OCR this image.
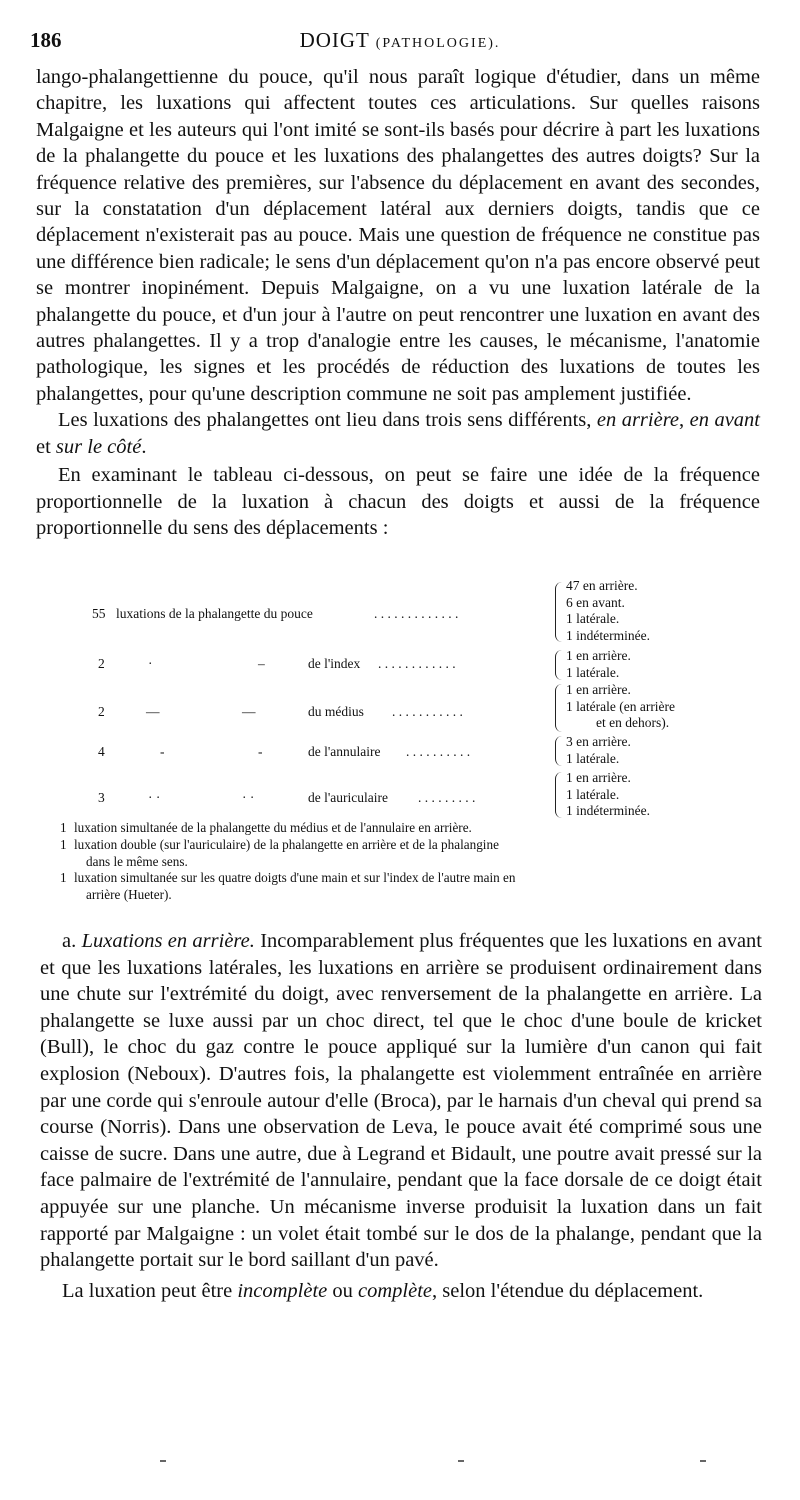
186	DOIGT (PATHOLOGIE).

lango-phalangettienne du pouce, qu'il nous paraît logique d'étudier, dans un même chapitre, les luxations qui affectent toutes ces articulations. Sur quelles raisons Malgaigne et les auteurs qui l'ont imité se sont-ils basés pour décrire à part les luxations de la phalangette du pouce et les luxations des phalangettes des autres doigts? Sur la fréquence relative des premières, sur l'absence du déplacement en avant des secondes, sur la constatation d'un déplacement latéral aux derniers doigts, tandis que ce déplacement n'existerait pas au pouce. Mais une question de fréquence ne constitue pas une différence bien radicale; le sens d'un déplacement qu'on n'a pas encore observé peut se montrer inopinément. Depuis Malgaigne, on a vu une luxation latérale de la phalangette du pouce, et d'un jour à l'autre on peut rencontrer une luxation en avant des autres phalangettes. Il y a trop d'analogie entre les causes, le mécanisme, l'anatomie pathologique, les signes et les procédés de réduction des luxations de toutes les phalangettes, pour qu'une description commune ne soit pas amplement justifiée.

Les luxations des phalangettes ont lieu dans trois sens différents, en arrière, en avant et sur le côté.

En examinant le tableau ci-dessous, on peut se faire une idée de la fréquence proportionnelle de la luxation à chacun des doigts et aussi de la fréquence proportionnelle du sens des déplacements :

55 luxations de la phalangette du pouce	. . . . . . . . . . . . .
47 en arrière.
6 en avant.
1 latérale.
1 indéterminée.
2	·	–	de l'index . . . . . . . . . . . .
1 en arrière.
1 latérale.
2	—	—	du médius . . . . . . . . . . .
1 en arrière.
1 latérale (en arrière
et en dehors).
4	-	-	de l'annulaire . . . . . . . . . .
3 en arrière.
1 latérale.
3	· ·	· ·	de l'auriculaire . . . . . . . . .
1 en arrière.
1 latérale.
1 indéterminée.
1 luxation simultanée de la phalangette du médius et de l'annulaire en arrière.
1 luxation double (sur l'auriculaire) de la phalangette en arrière et de la phalangine
dans le même sens.
1 luxation simultanée sur les quatre doigts d'une main et sur l'index de l'autre main en
arrière (Hueter).

a. Luxations en arrière. Incomparablement plus fréquentes que les luxations en avant et que les luxations latérales, les luxations en arrière se produisent ordinairement dans une chute sur l'extrémité du doigt, avec renversement de la phalangette en arrière. La phalangette se luxe aussi par un choc direct, tel que le choc d'une boule de kricket (Bull), le choc du gaz contre le pouce appliqué sur la lumière d'un canon qui fait explosion (Neboux). D'autres fois, la phalangette est violemment entraînée en arrière par une corde qui s'enroule autour d'elle (Broca), par le harnais d'un cheval qui prend sa course (Norris). Dans une observation de Leva, le pouce avait été comprimé sous une caisse de sucre. Dans une autre, due à Legrand et Bidault, une poutre avait pressé sur la face palmaire de l'extrémité de l'annulaire, pendant que la face dorsale de ce doigt était appuyée sur une planche. Un mécanisme inverse produisit la luxation dans un fait rapporté par Malgaigne : un volet était tombé sur le dos de la phalange, pendant que la phalangette portait sur le bord saillant d'un pavé.

La luxation peut être incomplète ou complète, selon l'étendue du déplacement.
